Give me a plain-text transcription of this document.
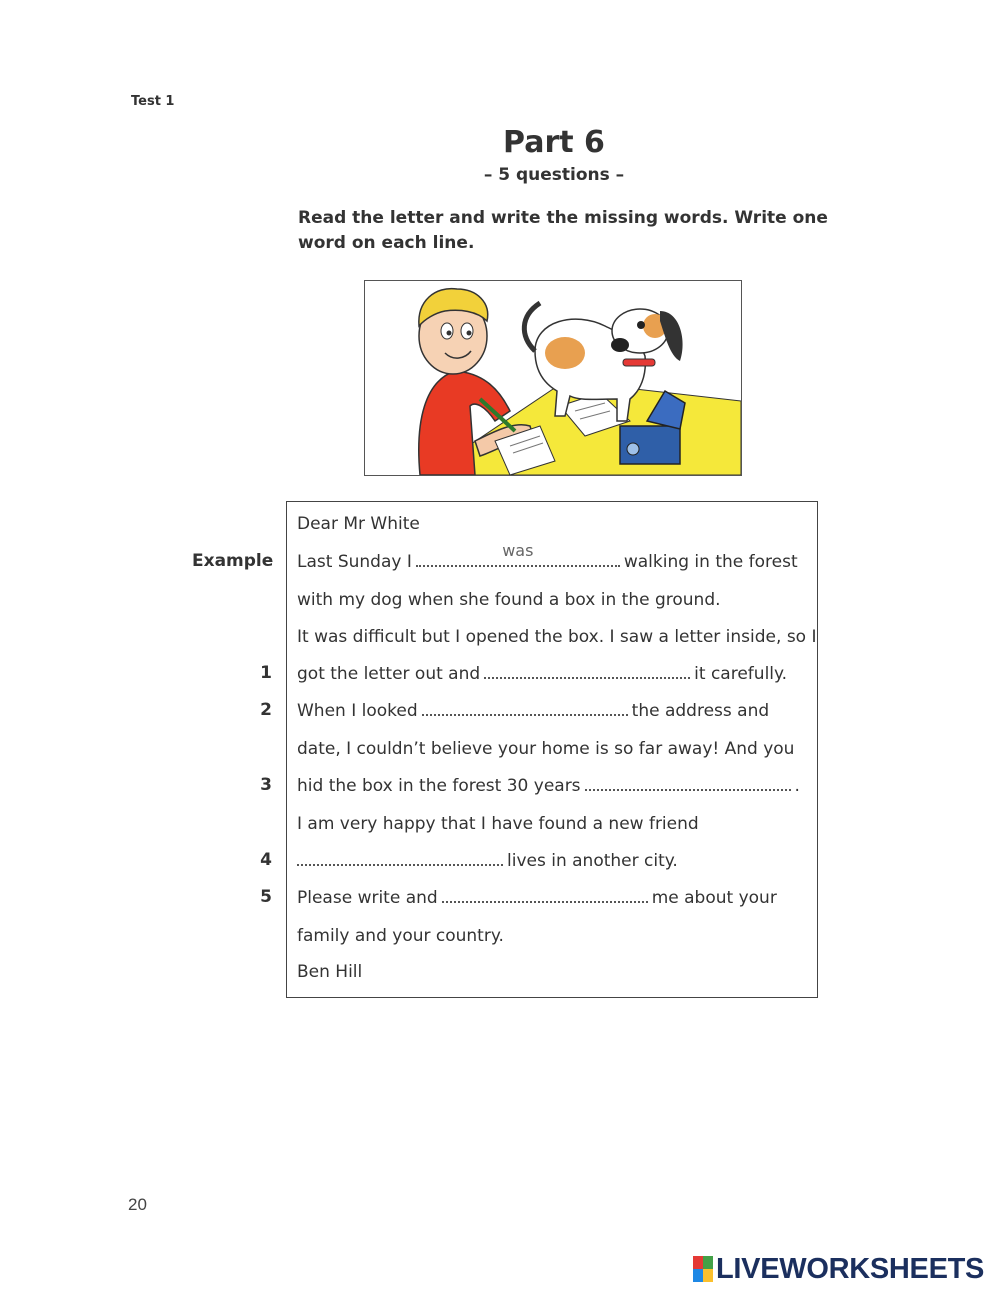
Test 1
Part 6
– 5 questions –
Read the letter and write the missing words. Write one word on each line.
Example
1
2
3
4
5
Dear Mr White
Last Sunday I
was
walking in the forest
with my dog when she found a box in the ground.
It was difficult but I opened the box. I saw a letter inside, so I
got the letter out and	it carefully.
When I looked	the address and
date, I couldn’t believe your home is so far away! And you
hid the box in the forest 30 years	.
I am very happy that I have found a new friend
lives in another city.
Please write and	me about your
family and your country.
Ben Hill
20
LIVEWORKSHEETS
